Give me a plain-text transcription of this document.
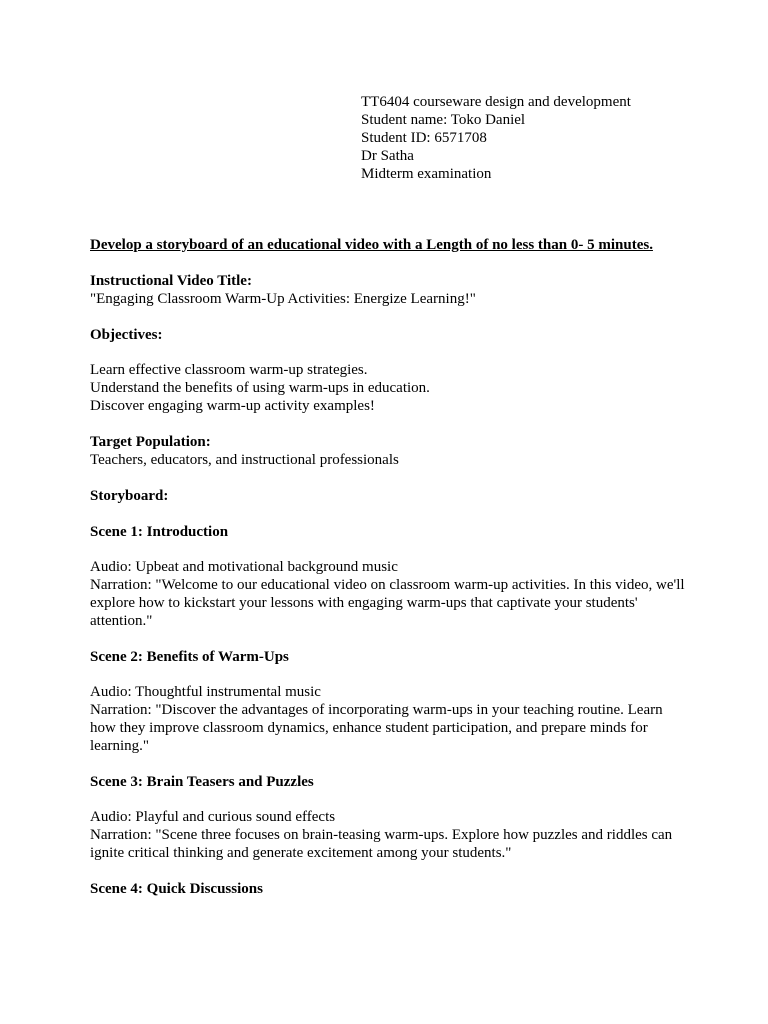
TT6404 courseware design and development
Student name: Toko Daniel
Student ID: 6571708
Dr Satha
Midterm examination
Develop a storyboard of an educational video with a Length of no less than 0- 5 minutes.
Instructional Video Title:
"Engaging Classroom Warm-Up Activities: Energize Learning!"
Objectives:
Learn effective classroom warm-up strategies.
Understand the benefits of using warm-ups in education.
Discover engaging warm-up activity examples!
Target Population:
Teachers, educators, and instructional professionals
Storyboard:
Scene 1: Introduction
Audio: Upbeat and motivational background music
Narration: "Welcome to our educational video on classroom warm-up activities. In this video, we'll explore how to kickstart your lessons with engaging warm-ups that captivate your students' attention."
Scene 2: Benefits of Warm-Ups
Audio: Thoughtful instrumental music
Narration: "Discover the advantages of incorporating warm-ups in your teaching routine. Learn how they improve classroom dynamics, enhance student participation, and prepare minds for learning."
Scene 3: Brain Teasers and Puzzles
Audio: Playful and curious sound effects
Narration: "Scene three focuses on brain-teasing warm-ups. Explore how puzzles and riddles can ignite critical thinking and generate excitement among your students."
Scene 4: Quick Discussions
